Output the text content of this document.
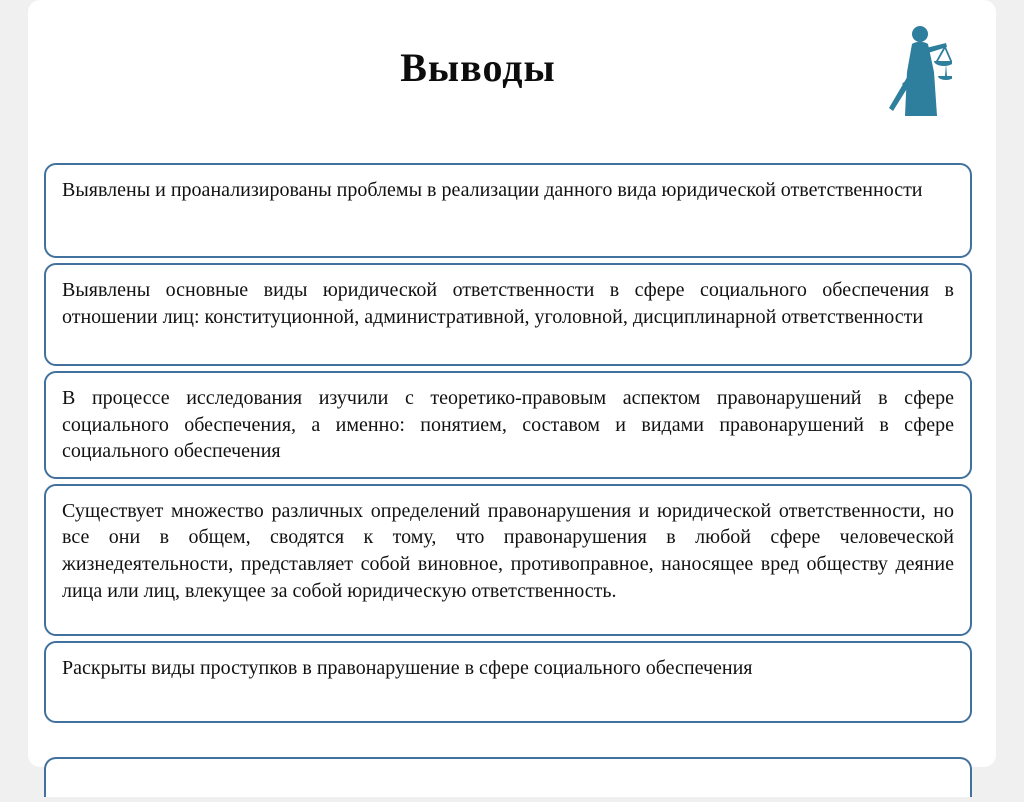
Выводы

Выявлены и проанализированы проблемы в реализации данного вида юридической ответственности

Выявлены основные виды юридической ответственности в сфере социального обеспечения в отношении лиц: конституционной, административной, уголовной, дисциплинарной ответственности

В процессе исследования изучили с теоретико-правовым аспектом правонарушений в сфере социального обеспечения, а именно: понятием, составом и видами правонарушений в сфере социального обеспечения

Существует множество различных определений правонарушения и юридической ответственности, но все они в общем, сводятся к тому, что правонарушения в любой сфере человеческой жизнедеятельности, представляет собой виновное, противоправное, наносящее вред обществу деяние лица или лиц, влекущее за собой юридическую ответственность.

Раскрыты виды проступков в правонарушение в сфере социального обеспечения
